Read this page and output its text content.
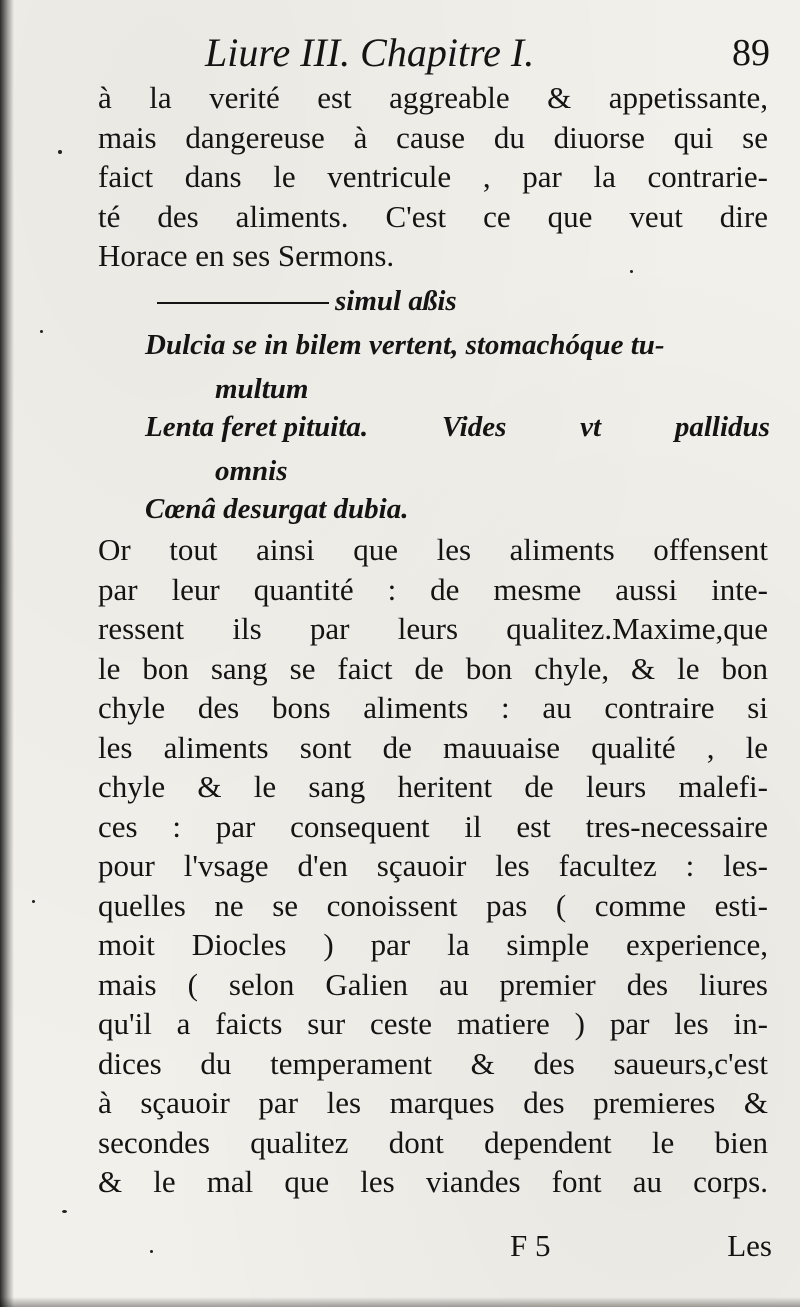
Liure III. Chapitre I.	89
à la verité est aggreable & appetissante,
mais dangereuse à cause du diuorse qui se
faict dans le ventricule , par la contrarie-
té des aliments. C'est ce que veut dire
Horace en ses Sermons.
simul aßis
Dulcia se in bilem vertent, stomachóque tu-
multum
Lenta feret pituita.	Vides	vt	pallidus
omnis
Cœnâ desurgat dubia.
Or tout ainsi que les aliments offensent
par leur quantité : de mesme aussi inte-
ressent ils par leurs qualitez.Maxime,que
le bon sang se faict de bon chyle, & le bon
chyle des bons aliments : au contraire si
les aliments sont de mauuaise qualité , le
chyle & le sang heritent de leurs malefi-
ces : par consequent il est tres-necessaire
pour l'vsage d'en sçauoir les facultez : les-
quelles ne se conoissent pas ( comme esti-
moit Diocles ) par la simple experience,
mais ( selon Galien au premier des liures
qu'il a faicts sur ceste matiere ) par les in-
dices du temperament & des saueurs,c'est
à sçauoir par les marques des premieres &
secondes qualitez dont dependent le bien
& le mal que les viandes font au corps.
F 5	Les
